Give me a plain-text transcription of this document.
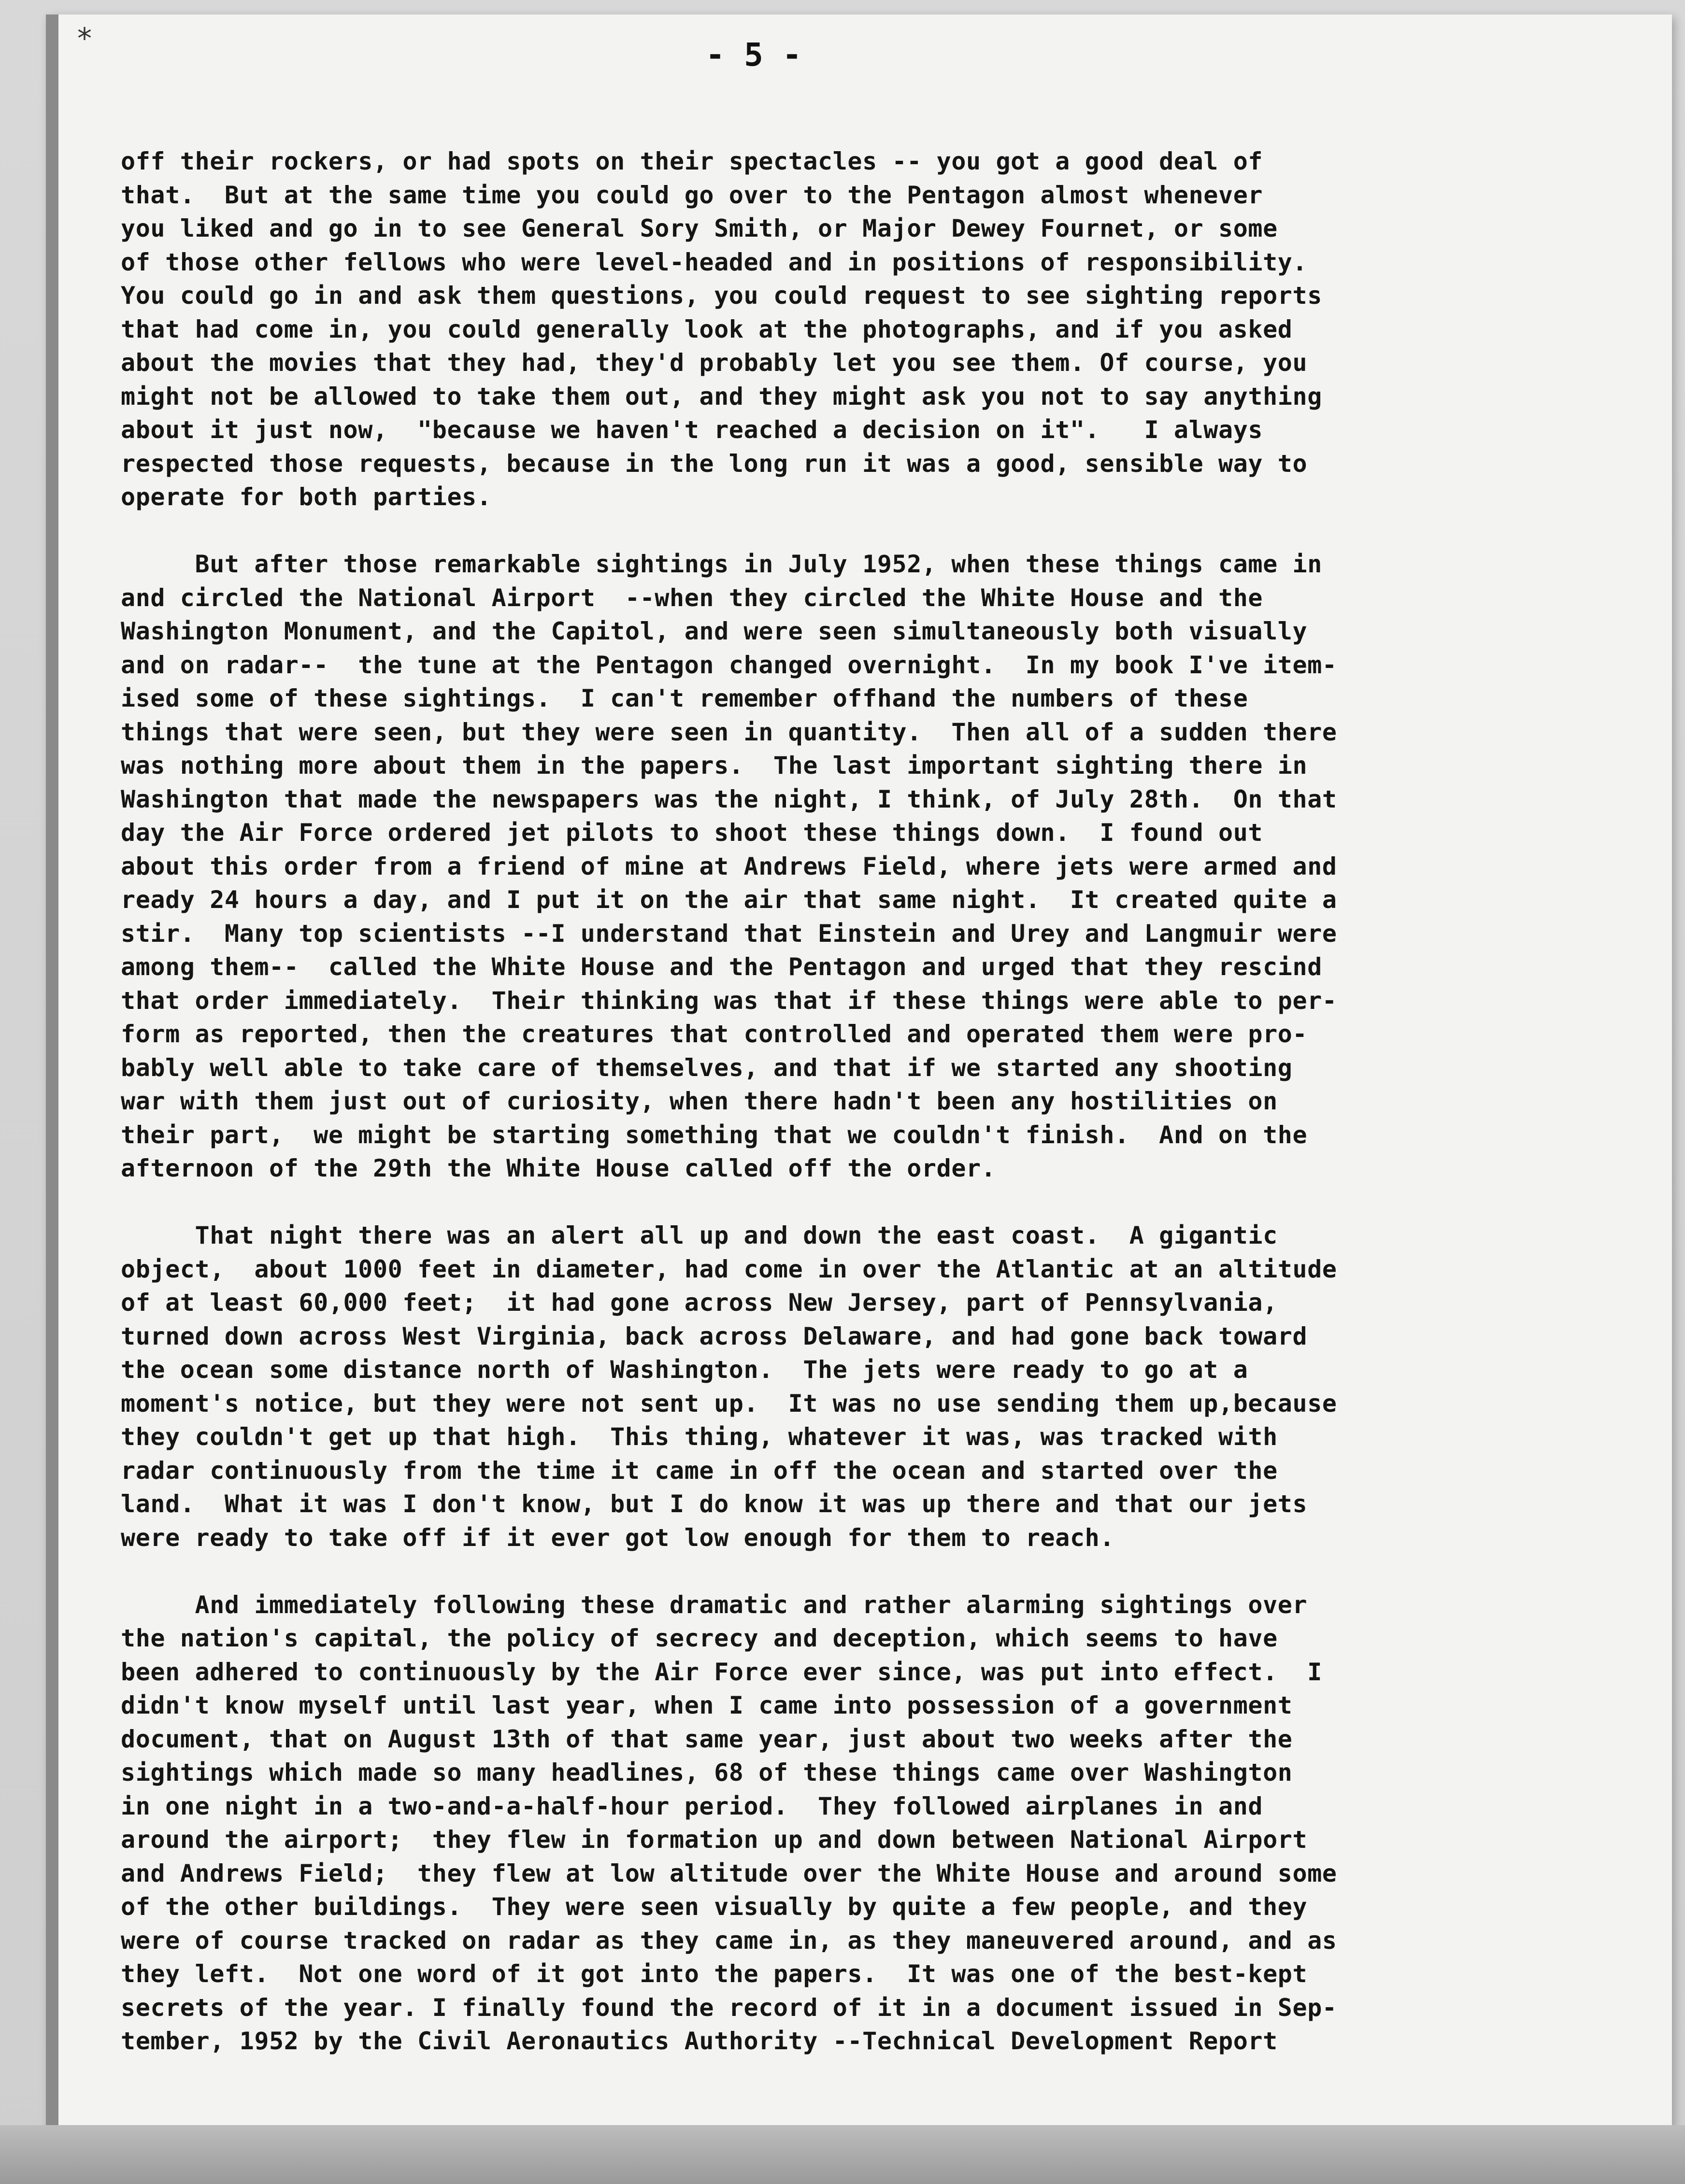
*	- 5 -
off their rockers, or had spots on their spectacles -- you got a good deal of
that.  But at the same time you could go over to the Pentagon almost whenever
you liked and go in to see General Sory Smith, or Major Dewey Fournet, or some
of those other fellows who were level-headed and in positions of responsibility.
You could go in and ask them questions, you could request to see sighting reports
that had come in, you could generally look at the photographs, and if you asked
about the movies that they had, they'd probably let you see them. Of course, you
might not be allowed to take them out, and they might ask you not to say anything
about it just now,  "because we haven't reached a decision on it".   I always
respected those requests, because in the long run it was a good, sensible way to
operate for both parties.
But after those remarkable sightings in July 1952, when these things came in
and circled the National Airport  --when they circled the White House and the
Washington Monument, and the Capitol, and were seen simultaneously both visually
and on radar--  the tune at the Pentagon changed overnight.  In my book I've item-
ised some of these sightings.  I can't remember offhand the numbers of these
things that were seen, but they were seen in quantity.  Then all of a sudden there
was nothing more about them in the papers.  The last important sighting there in
Washington that made the newspapers was the night, I think, of July 28th.  On that
day the Air Force ordered jet pilots to shoot these things down.  I found out
about this order from a friend of mine at Andrews Field, where jets were armed and
ready 24 hours a day, and I put it on the air that same night.  It created quite a
stir.  Many top scientists --I understand that Einstein and Urey and Langmuir were
among them--  called the White House and the Pentagon and urged that they rescind
that order immediately.  Their thinking was that if these things were able to per-
form as reported, then the creatures that controlled and operated them were pro-
bably well able to take care of themselves, and that if we started any shooting
war with them just out of curiosity, when there hadn't been any hostilities on
their part,  we might be starting something that we couldn't finish.  And on the
afternoon of the 29th the White House called off the order.
That night there was an alert all up and down the east coast.  A gigantic
object,  about 1000 feet in diameter, had come in over the Atlantic at an altitude
of at least 60,000 feet;  it had gone across New Jersey, part of Pennsylvania,
turned down across West Virginia, back across Delaware, and had gone back toward
the ocean some distance north of Washington.  The jets were ready to go at a
moment's notice, but they were not sent up.  It was no use sending them up,because
they couldn't get up that high.  This thing, whatever it was, was tracked with
radar continuously from the time it came in off the ocean and started over the
land.  What it was I don't know, but I do know it was up there and that our jets
were ready to take off if it ever got low enough for them to reach.
And immediately following these dramatic and rather alarming sightings over
the nation's capital, the policy of secrecy and deception, which seems to have
been adhered to continuously by the Air Force ever since, was put into effect.  I
didn't know myself until last year, when I came into possession of a government
document, that on August 13th of that same year, just about two weeks after the
sightings which made so many headlines, 68 of these things came over Washington
in one night in a two-and-a-half-hour period.  They followed airplanes in and
around the airport;  they flew in formation up and down between National Airport
and Andrews Field;  they flew at low altitude over the White House and around some
of the other buildings.  They were seen visually by quite a few people, and they
were of course tracked on radar as they came in, as they maneuvered around, and as
they left.  Not one word of it got into the papers.  It was one of the best-kept
secrets of the year. I finally found the record of it in a document issued in Sep-
tember, 1952 by the Civil Aeronautics Authority --Technical Development Report
